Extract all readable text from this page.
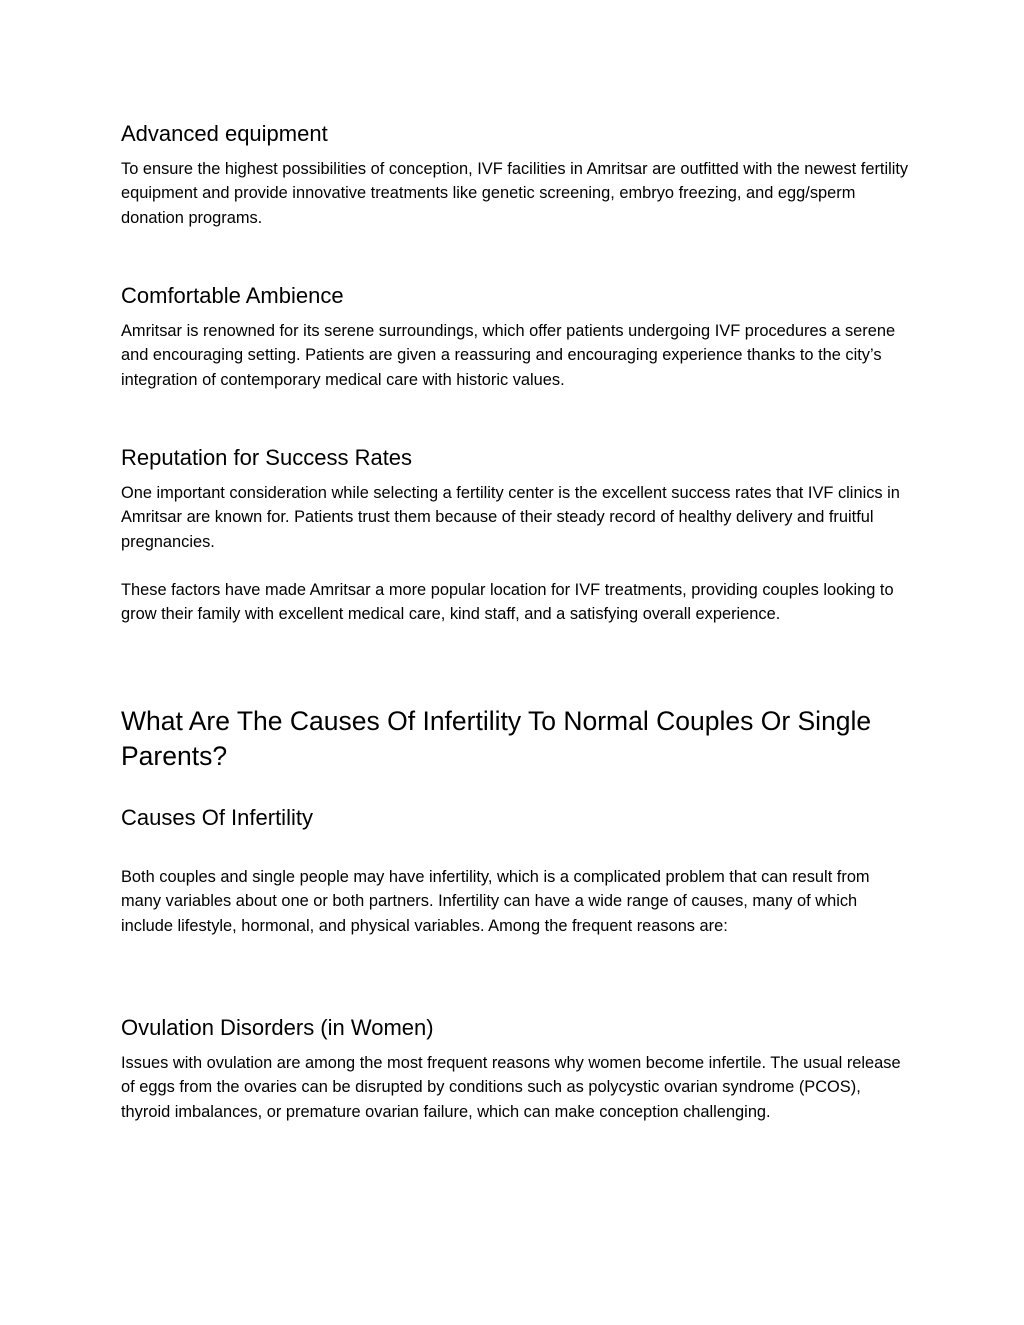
Advanced equipment

To ensure the highest possibilities of conception, IVF facilities in Amritsar are outfitted with the newest fertility equipment and provide innovative treatments like genetic screening, embryo freezing, and egg/sperm donation programs.

Comfortable Ambience

Amritsar is renowned for its serene surroundings, which offer patients undergoing IVF procedures a serene and encouraging setting. Patients are given a reassuring and encouraging experience thanks to the city’s integration of contemporary medical care with historic values.

Reputation for Success Rates

One important consideration while selecting a fertility center is the excellent success rates that IVF clinics in Amritsar are known for. Patients trust them because of their steady record of healthy delivery and fruitful pregnancies.

These factors have made Amritsar a more popular location for IVF treatments, providing couples looking to grow their family with excellent medical care, kind staff, and a satisfying overall experience.

What Are The Causes Of Infertility To Normal Couples Or Single Parents?
Causes Of Infertility

Both couples and single people may have infertility, which is a complicated problem that can result from many variables about one or both partners. Infertility can have a wide range of causes, many of which include lifestyle, hormonal, and physical variables. Among the frequent reasons are:

Ovulation Disorders (in Women)

Issues with ovulation are among the most frequent reasons why women become infertile. The usual release of eggs from the ovaries can be disrupted by conditions such as polycystic ovarian syndrome (PCOS), thyroid imbalances, or premature ovarian failure, which can make conception challenging.
